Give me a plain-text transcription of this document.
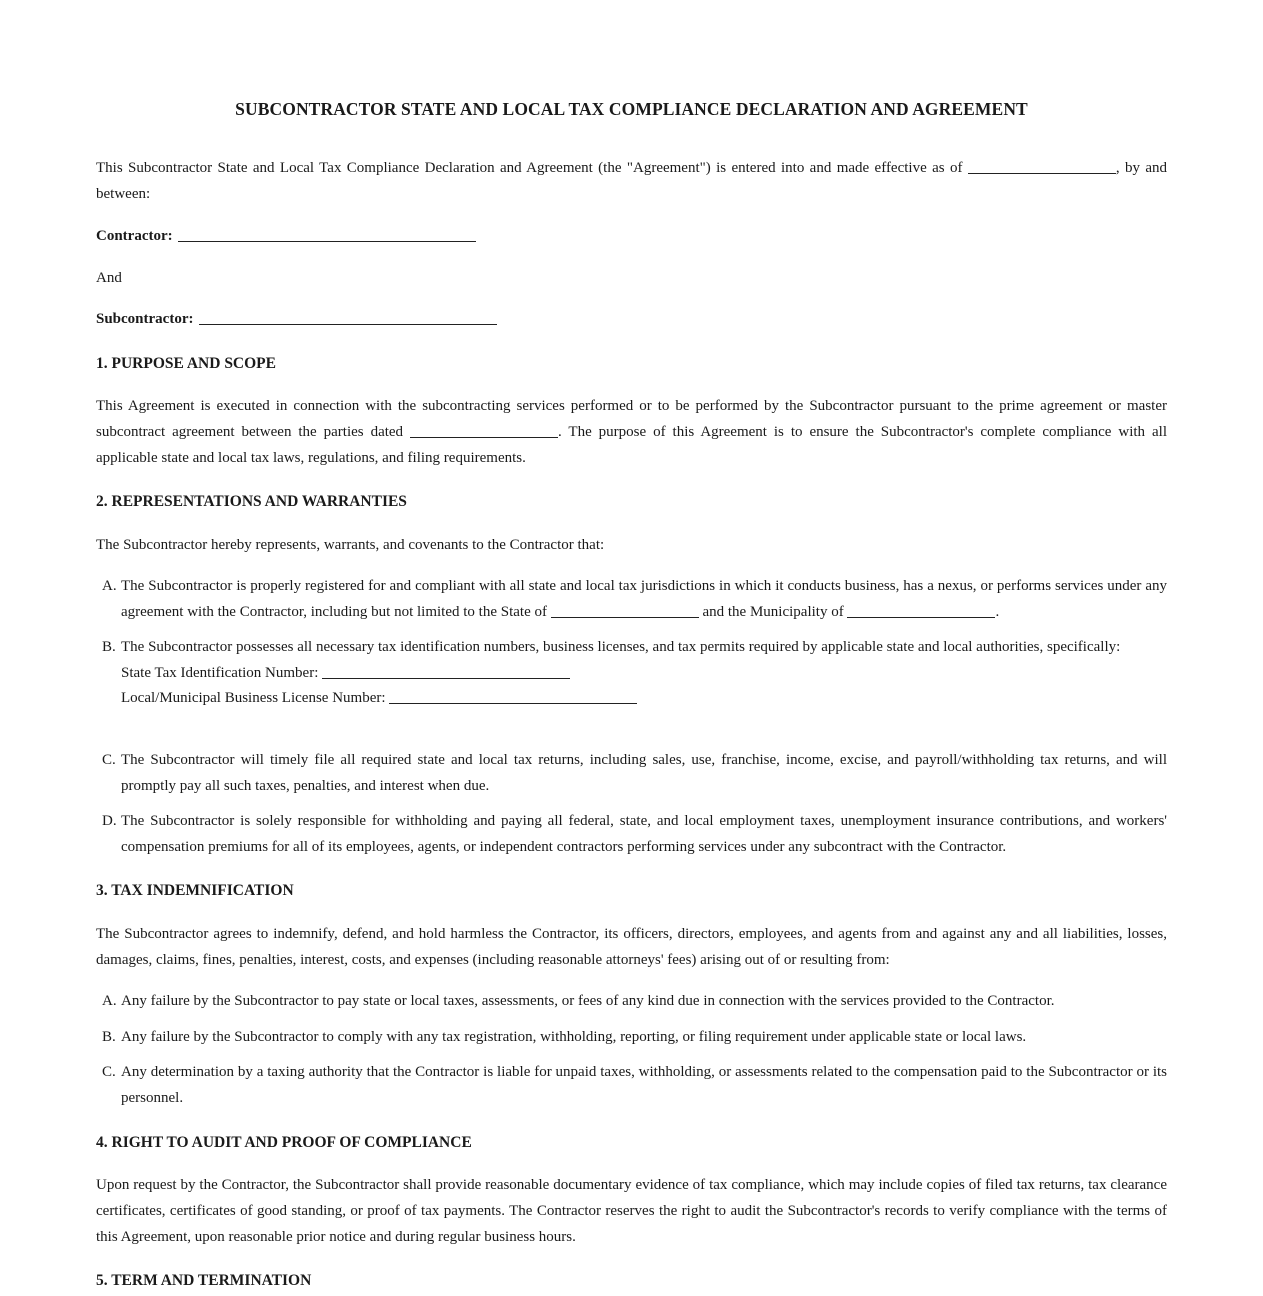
SUBCONTRACTOR STATE AND LOCAL TAX COMPLIANCE DECLARATION AND AGREEMENT
This Subcontractor State and Local Tax Compliance Declaration and Agreement (the "Agreement") is entered into and made effective as of	, by and between:
Contractor:
And
Subcontractor:
1. PURPOSE AND SCOPE
This Agreement is executed in connection with the subcontracting services performed or to be performed by the Subcontractor pursuant to the prime agreement or master subcontract agreement between the parties dated	. The purpose of this Agreement is to ensure the Subcontractor's complete compliance with all applicable state and local tax laws, regulations, and filing requirements.
2. REPRESENTATIONS AND WARRANTIES
The Subcontractor hereby represents, warrants, and covenants to the Contractor that:
A. The Subcontractor is properly registered for and compliant with all state and local tax jurisdictions in which it conducts business, has a nexus, or performs services under any agreement with the Contractor, including but not limited to the State of	and the Municipality of	.
B. The Subcontractor possesses all necessary tax identification numbers, business licenses, and tax permits required by applicable state and local authorities, specifically:
State Tax Identification Number:
Local/Municipal Business License Number:
C. The Subcontractor will timely file all required state and local tax returns, including sales, use, franchise, income, excise, and payroll/withholding tax returns, and will promptly pay all such taxes, penalties, and interest when due.
D. The Subcontractor is solely responsible for withholding and paying all federal, state, and local employment taxes, unemployment insurance contributions, and workers' compensation premiums for all of its employees, agents, or independent contractors performing services under any subcontract with the Contractor.
3. TAX INDEMNIFICATION
The Subcontractor agrees to indemnify, defend, and hold harmless the Contractor, its officers, directors, employees, and agents from and against any and all liabilities, losses, damages, claims, fines, penalties, interest, costs, and expenses (including reasonable attorneys' fees) arising out of or resulting from:
A. Any failure by the Subcontractor to pay state or local taxes, assessments, or fees of any kind due in connection with the services provided to the Contractor.
B. Any failure by the Subcontractor to comply with any tax registration, withholding, reporting, or filing requirement under applicable state or local laws.
C. Any determination by a taxing authority that the Contractor is liable for unpaid taxes, withholding, or assessments related to the compensation paid to the Subcontractor or its personnel.
4. RIGHT TO AUDIT AND PROOF OF COMPLIANCE
Upon request by the Contractor, the Subcontractor shall provide reasonable documentary evidence of tax compliance, which may include copies of filed tax returns, tax clearance certificates, certificates of good standing, or proof of tax payments. The Contractor reserves the right to audit the Subcontractor's records to verify compliance with the terms of this Agreement, upon reasonable prior notice and during regular business hours.
5. TERM AND TERMINATION
